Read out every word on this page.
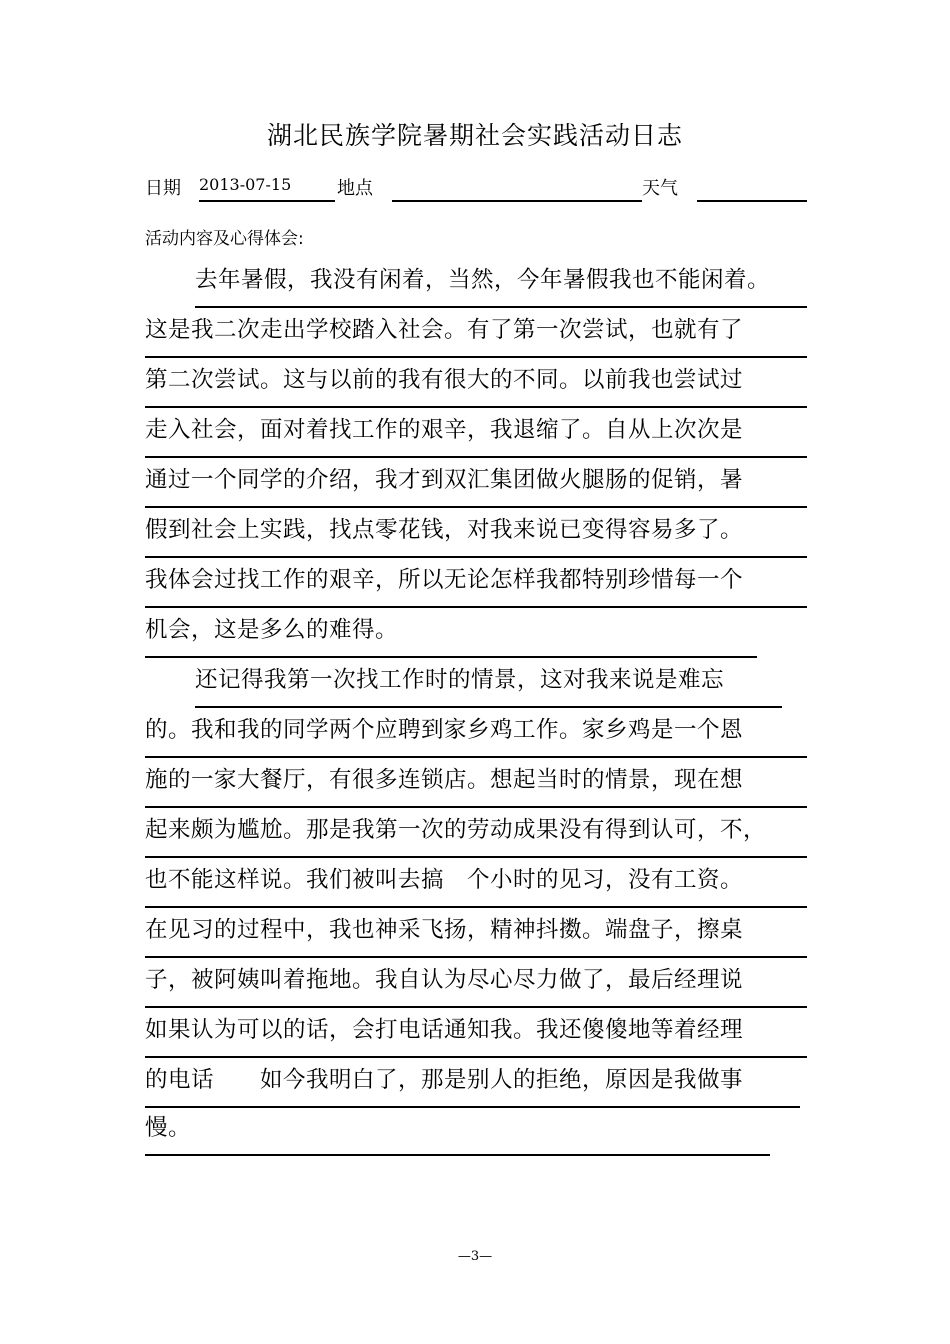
湖北民族学院暑期社会实践活动日志
日期 2013-07-15	地点	天气
活动内容及心得体会:
去年暑假，我没有闲着，当然，今年暑假我也不能闲着。
这是我二次走出学校踏入社会。有了第一次尝试，也就有了
第二次尝试。这与以前的我有很大的不同。以前我也尝试过
走入社会，面对着找工作的艰辛，我退缩了。自从上次次是
通过一个同学的介绍，我才到双汇集团做火腿肠的促销，暑
假到社会上实践，找点零花钱，对我来说已变得容易多了。
我体会过找工作的艰辛，所以无论怎样我都特别珍惜每一个
机会，这是多么的难得。
还记得我第一次找工作时的情景，这对我来说是难忘
的。我和我的同学两个应聘到家乡鸡工作。家乡鸡是一个恩
施的一家大餐厅，有很多连锁店。想起当时的情景，现在想
起来颇为尴尬。那是我第一次的劳动成果没有得到认可，不，
也不能这样说。我们被叫去搞　个小时的见习，没有工资。
在见习的过程中，我也神采飞扬，精神抖擞。端盘子，擦桌
子，被阿姨叫着拖地。我自认为尽心尽力做了，最后经理说
如果认为可以的话，会打电话通知我。我还傻傻地等着经理
的电话　　如今我明白了，那是别人的拒绝，原因是我做事
慢。
—3—
